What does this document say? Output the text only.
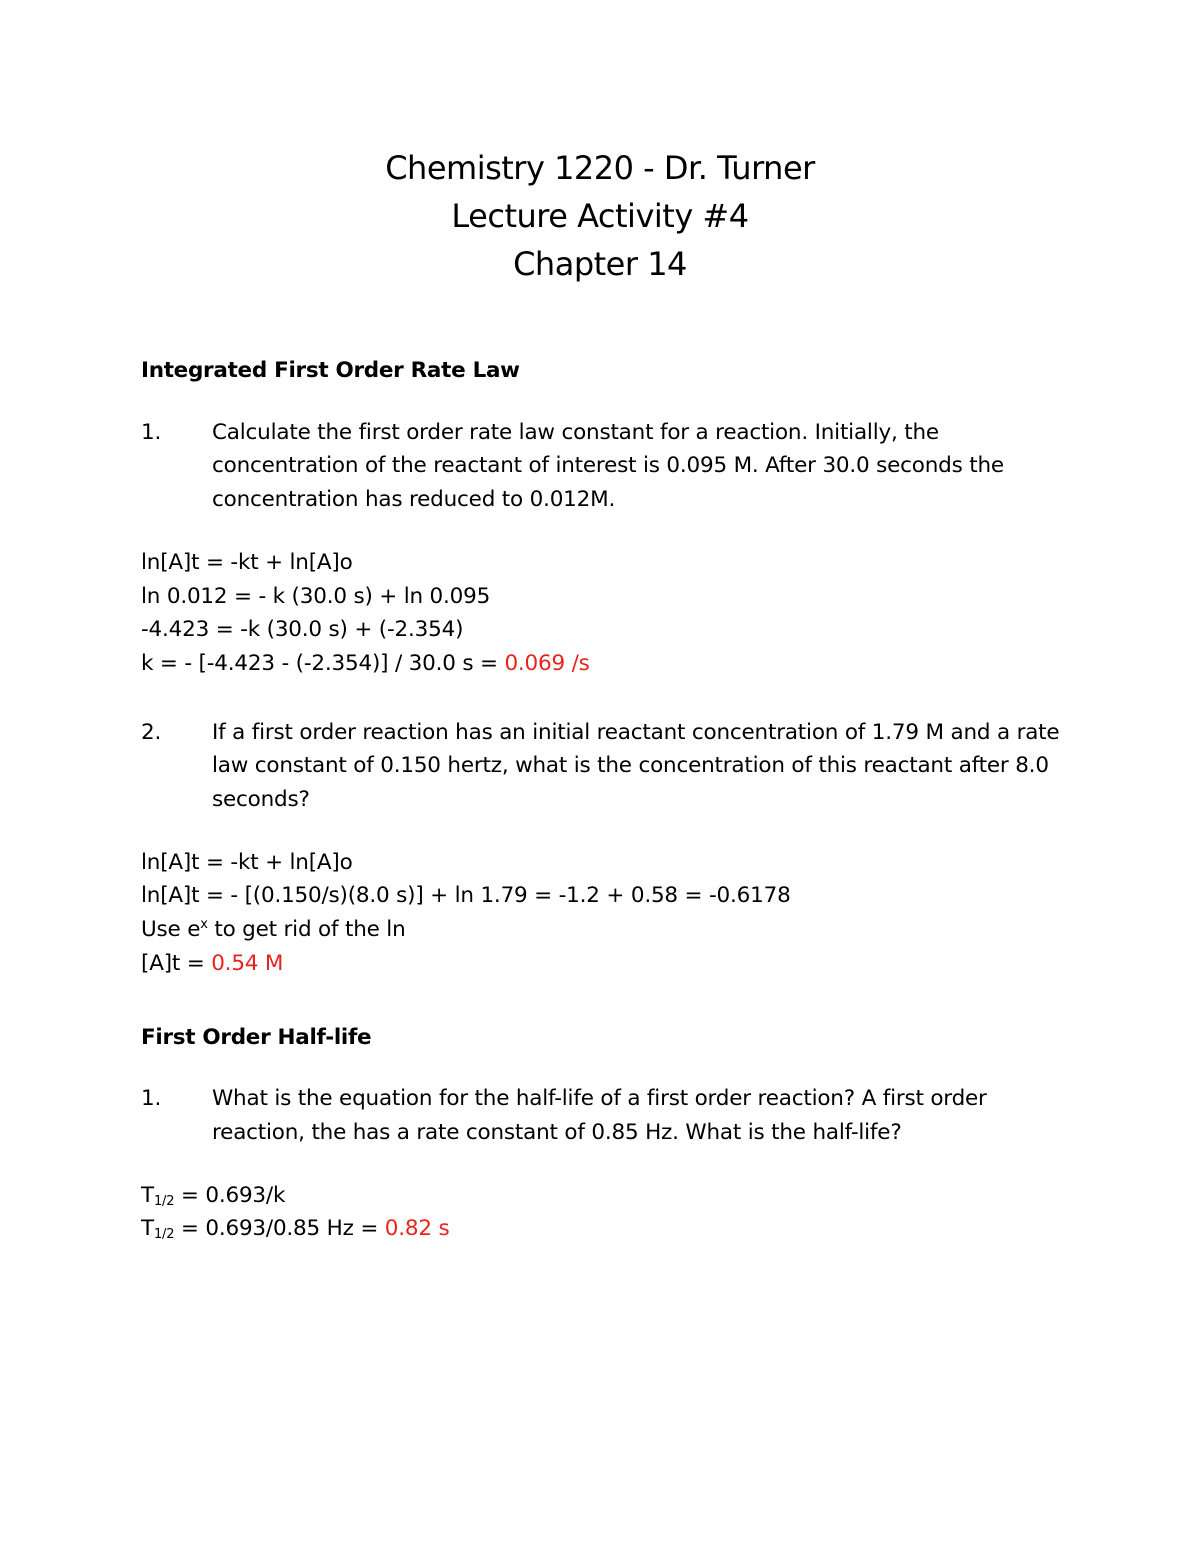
Chemistry 1220 - Dr. Turner
Lecture Activity #4
Chapter 14
Integrated First Order Rate Law
1. Calculate the first order rate law constant for a reaction. Initially, the concentration of the reactant of interest is 0.095 M. After 30.0 seconds the concentration has reduced to 0.012M.
ln[A]t = -kt + ln[A]o
ln 0.012 = - k (30.0 s) + ln 0.095
-4.423 = -k (30.0 s) + (-2.354)
k = - [-4.423 - (-2.354)] / 30.0 s = 0.069 /s
2. If a first order reaction has an initial reactant concentration of 1.79 M and a rate law constant of 0.150 hertz, what is the concentration of this reactant after 8.0 seconds?
ln[A]t = -kt + ln[A]o
ln[A]t = - [(0.150/s)(8.0 s)] + ln 1.79 = -1.2 + 0.58 = -0.6178
Use $e^x$ to get rid of the ln
[A]t = 0.54 M
First Order Half-life
1. What is the equation for the half-life of a first order reaction? A first order reaction, the has a rate constant of 0.85 Hz. What is the half-life?
$T_{1/2} = 0.693/k$
$T_{1/2} = 0.693/0.85$ Hz = 0.82 s
